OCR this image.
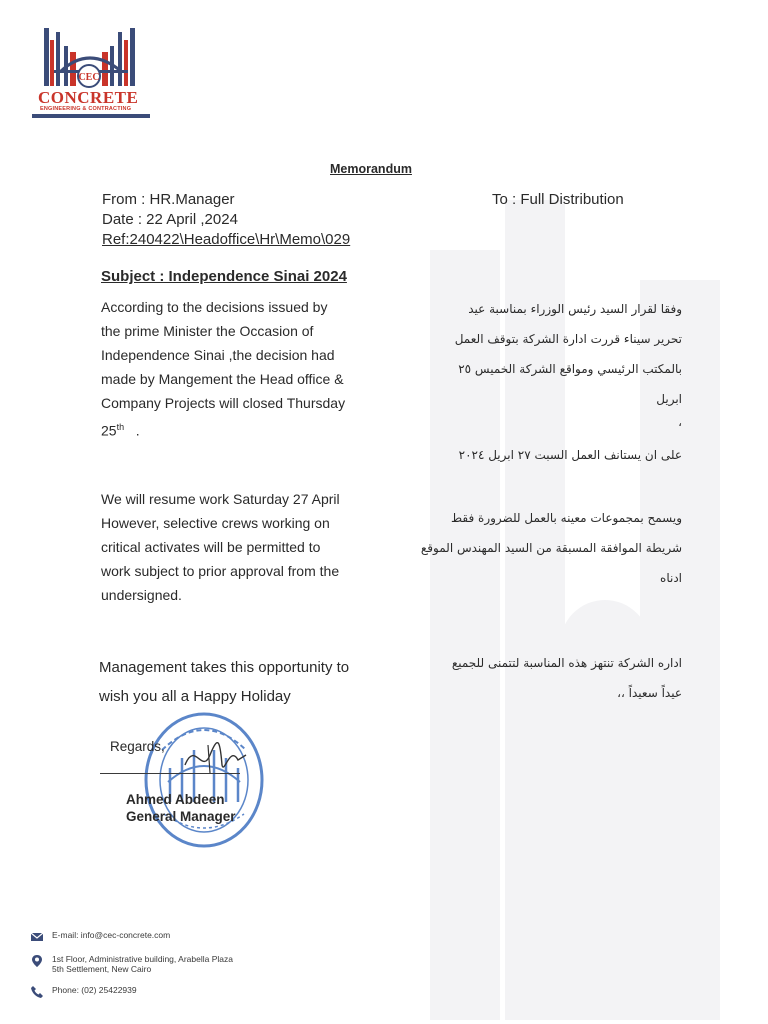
CEC
CONCRETE
ENGINEERING & CONTRACTING
Memorandum
From : HR.Manager
Date : 22 April ,2024
Ref:240422\Headoffice\Hr\Memo\029
To : Full Distribution
Subject : Independence Sinai 2024
According to the decisions issued by
the prime Minister the Occasion of
Independence Sinai ,the decision had
made by Mangement the Head office &
Company Projects will closed Thursday
25th .
We will resume work Saturday 27 April
However, selective crews working on
critical activates will be permitted to
work subject to prior approval from the
undersigned.
Management takes this opportunity to
wish you all a Happy Holiday
وفقا لقرار السيد رئيس الوزراء بمناسبة عيد
تحرير سيناء قررت ادارة الشركة بتوقف العمل
بالمكتب الرئيسي ومواقع الشركة الخميس ٢٥
ابريل
،
على ان يستانف العمل السبت ٢٧ ابريل ٢٠٢٤
ويسمح بمجموعات معينه بالعمل للضرورة فقط
شريطة الموافقة المسبقة من السيد المهندس الموقع
ادناه
اداره الشركة تنتهز هذه المناسبة لتتمنى للجميع
عيداً سعيداً ،،
Regards,
Ahmed Abdeen
General Manager
E-mail: info@cec-concrete.com
1st Floor, Administrative building, Arabella Plaza
5th Settlement, New Cairo
Phone: (02) 25422939
